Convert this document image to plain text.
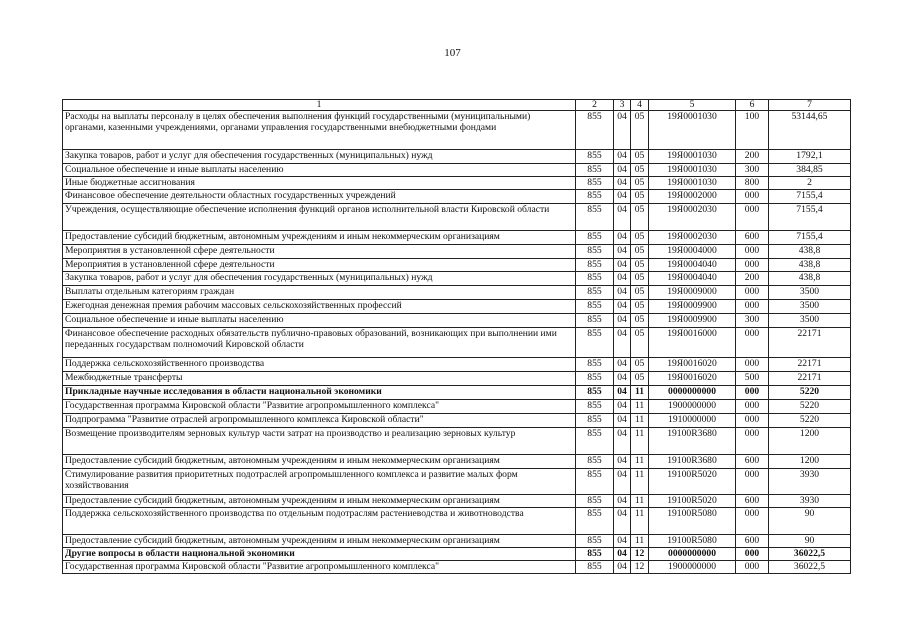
107
1	2	3	4	5	6	7
Расходы на выплаты персоналу в целях обеспечения выполнения функций государственными (муниципальными) органами, казенными учреждениями, органами управления государственными внебюджетными фондами	855	04	05	19Я0001030	100	53144,65
Закупка товаров, работ и услуг для обеспечения государственных (муниципальных) нужд	855	04	05	19Я0001030	200	1792,1
Социальное обеспечение и иные выплаты населению	855	04	05	19Я0001030	300	384,85
Иные бюджетные ассигнования	855	04	05	19Я0001030	800	2
Финансовое обеспечение деятельности областных государственных учреждений	855	04	05	19Я0002000	000	7155,4
Учреждения, осуществляющие обеспечение исполнения функций органов исполнительной власти Кировской области	855	04	05	19Я0002030	000	7155,4
Предоставление субсидий бюджетным, автономным учреждениям и иным некоммерческим организациям	855	04	05	19Я0002030	600	7155,4
Мероприятия в установленной сфере деятельности	855	04	05	19Я0004000	000	438,8
Мероприятия в установленной сфере деятельности	855	04	05	19Я0004040	000	438,8
Закупка товаров, работ и услуг для обеспечения государственных (муниципальных) нужд	855	04	05	19Я0004040	200	438,8
Выплаты отдельным категориям граждан	855	04	05	19Я0009000	000	3500
Ежегодная денежная премия рабочим массовых сельскохозяйственных профессий	855	04	05	19Я0009900	000	3500
Социальное обеспечение и иные выплаты населению	855	04	05	19Я0009900	300	3500
Финансовое обеспечение расходных обязательств публично-правовых образований, возникающих при выполнении ими переданных государствам полномочий Кировской области	855	04	05	19Я0016000	000	22171
Поддержка сельскохозяйственного производства	855	04	05	19Я0016020	000	22171
Межбюджетные трансферты	855	04	05	19Я0016020	500	22171
Прикладные научные исследования в области национальной экономики	855	04	11	0000000000	000	5220
Государственная программа Кировской области "Развитие агропромышленного комплекса"	855	04	11	1900000000	000	5220
Подпрограмма "Развитие отраслей агропромышленного комплекса Кировской области"	855	04	11	1910000000	000	5220
Возмещение производителям зерновых культур части затрат на производство и реализацию зерновых культур	855	04	11	19100R3680	000	1200
Предоставление субсидий бюджетным, автономным учреждениям и иным некоммерческим организациям	855	04	11	19100R3680	600	1200
Стимулирование развития приоритетных подотраслей агропромышленного комплекса и развитие малых форм хозяйствования	855	04	11	19100R5020	000	3930
Предоставление субсидий бюджетным, автономным учреждениям и иным некоммерческим организациям	855	04	11	19100R5020	600	3930
Поддержка сельскохозяйственного производства по отдельным подотраслям растениеводства и животноводства	855	04	11	19100R5080	000	90
Предоставление субсидий бюджетным, автономным учреждениям и иным некоммерческим организациям	855	04	11	19100R5080	600	90
Другие вопросы в области национальной экономики	855	04	12	0000000000	000	36022,5
Государственная программа Кировской области "Развитие агропромышленного комплекса"	855	04	12	1900000000	000	36022,5
